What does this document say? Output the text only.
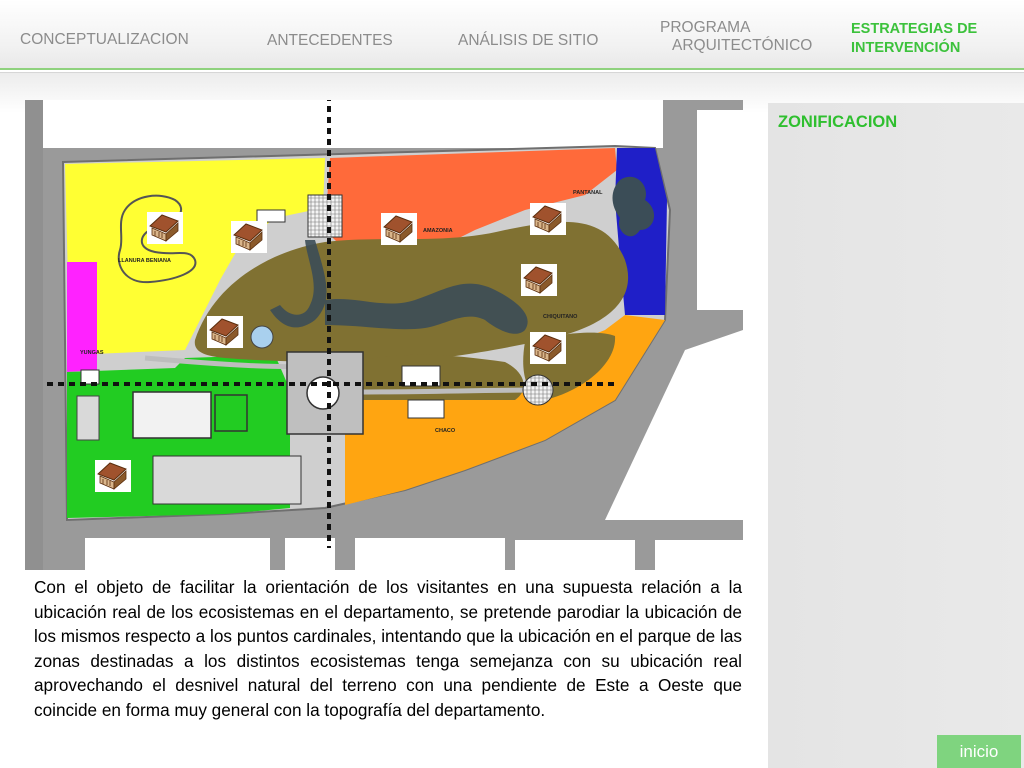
CONCEPTUALIZACION	ANTECEDENTES	ANÁLISIS DE SITIO
PROGRAMA
ARQUITECTÓNICO
ESTRATEGIAS DE
INTERVENCIÓN
LLANURA BENIANA
AMAZONIA
CHIQUITANO
CHACO
YUNGAS
PANTANAL
Con el objeto de facilitar la orientación de los visitantes en una supuesta relación a la ubicación real de los ecosistemas en el departamento, se pretende parodiar la ubicación de los mismos respecto a los puntos cardinales, intentando que la ubicación en el parque de las zonas destinadas a los distintos ecosistemas tenga semejanza con su ubicación real aprovechando el desnivel natural del terreno con una pendiente de Este a Oeste que coincide en forma muy general con la topografía del departamento.
ZONIFICACION
inicio
